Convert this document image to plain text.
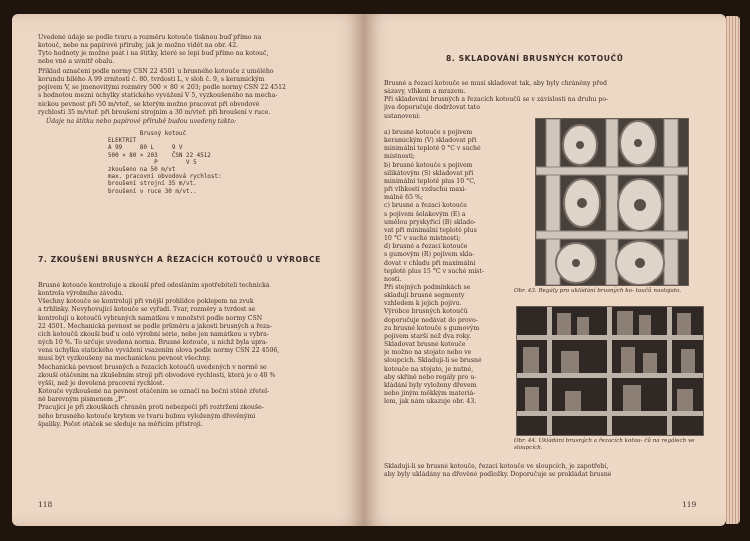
Uvedené údaje se podle tvaru a rozměru kotouče tisknou buď přímo na
kotouč, nebo na papírové příruby, jak je možno vidět na obr. 42.
Tyto hodnoty je možno psát i na štítky, které se lepí buď přímo na kotouč,
nebo vně a uvnitř obalu.
Příklad označení podle normy ČSN 22 4501 u brusného kotouče z umělého
korundu bílého A 99 zrnitosti č. 80, tvrdosti L, v sloh č. 9, s keramickým
pojivem V, se jmenovitými rozměry 500 × 80 × 203; podle normy ČSN 22 4512
s hodnotou mezní úchylky statického vyvážení V 5, vyzkoušeného na mecha-
nickou pevnost při 50 m/vteř., se kterým možno pracovat při obvodové
rychlosti 35 m/vteř. při broušení strojním a 30 m/vteř. při broušení v ruce.
Údaje na štítku nebo papírové přírubě budou uvedeny takto:
Brusný kotouč
ELEKTRIT
A 99     80 L     9 V
500 × 80 × 203    ČSN 22 4512
P        V 5
zkoušeno na 50 m/vt
max. pracovní obvodová rychlost:
broušení strojní 35 m/vt.
broušení v ruce 30 m/vt..
7. ZKOUŠENÍ BRUSNÝCH A ŘEZACÍCH KOTOUČŮ U VÝROBCE
Brusné kotouče kontroluje a zkouší před odesláním spotřebiteli technická
kontrola výrobního závodu.
Všechny kotouče se kontrolují při vnější prohlídce poklepem na zvuk
a trhlinky. Nevyhovující kotouče se vyřadí. Tvar, rozměry a tvrdost se
kontrolují u kotoučů vybraných namátkou v množství podle normy ČSN
22 4501. Mechanická pevnost se podle průměru a jakosti brusných a řeza-
cích kotoučů zkouší buď u celé výrobní série, nebo jen namátkou u vybra-
ných 10 %. To určuje uvedená norma. Brusné kotouče, u nichž byla upra-
vena úchylka statického vyvážení vsazením olova podle normy ČSN 22 4506,
musí být vyzkoušeny na mechanickou pevnost všechny.
Mechanická pevnost brusných a řezacích kotoučů uvedených v normě se
zkouší otáčením na zkušebním stroji při obvodové rychlosti, která je o 40 %
vyšší, než je dovolená pracovní rychlost.
Kotouče vyzkoušené na pevnost otáčením se označí na boční stěně zřetel-
ně barevným písmenem „P".
Pracující je při zkouškách chráněn proti nebezpečí při roztržení zkouše-
ného brusného kotouče krytem ve tvaru bubnu vyloženým dřevěnými
špalíky. Počet otáček se sleduje na měřicím přístroji.
118
8. SKLADOVÁNÍ BRUSNÝCH KOTOUČŮ
Brusné a řezací kotouče se musí skladovat tak, aby byly chráněny před
sázavy, vlhkem a mrazem.
Při skladování brusných a řezacích kotoučů se v závislosti na druhu po-
jiva doporučuje dodržovat tato
ustanovení:
a) brusné kotouče s pojivem
keramickým (V) skladovat při
minimální teplotě 0 °C v suché
místnosti;
b) brusné kotouče s pojivem
silikátovým (S) skladovat při
minimální teplotě plus 10 °C,
při vlhkosti vzduchu maxi-
málně 65 %;
c) brusné a řezací kotouče
s pojivem šelakovým (E) a
umělou pryskyřicí (B) sklado-
vat při minimální teplotě plus
10 °C v suché místnosti;
d) brusné a řezací kotouče
s gumovým (R) pojivem skla-
dovat v chladu při maximální
teplotě plus 15 °C v suché míst-
nosti.
Při stejných podmínkách se
skladují brusné segmenty
vzhledem k jejich pojivu.
Výrobce brusných kotoučů
doporučuje nedávat do provo-
zu brusné kotouče s gumovým
pojivem starší než dva roky.
Skladovat brusné kotouče
je možno na stojato nebo ve
sloupcích. Skladují-li se brusné
kotouče na stojato, je nutné,
aby skříně nebo regály pro u-
kládání byly vyloženy dřevem
nebo jiným měkkým materiá-
lem, jak nám ukazuje obr. 43.
Obr. 43. Regály pro ukládání brusných ko- toučů nastojato.
Obr. 44. Ukládání brusných a řezacích kotou- čů na regálech ve sloupcích.
Skladují-li se brusné kotouče, řezací kotouče ve sloupcích, je zapotřebí,
aby byly ukládány na dřevěné podložky. Doporučuje se prokládat brusné
119
